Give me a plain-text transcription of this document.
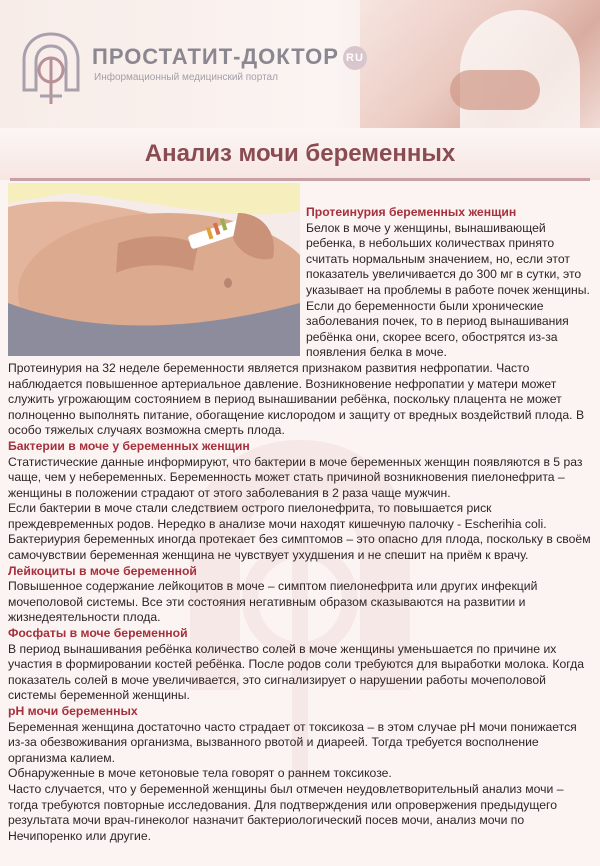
ПРОСТАТИТ-ДОКТОР RU
Информационный медицинский портал
Анализ мочи беременных

Протеинурия беременных женщин

Белок в моче у женщины, вынашивающей ребенка, в небольших количествах принято считать нормальным значением, но, если этот показатель увеличивается до 300 мг в сутки, это указывает на проблемы в работе почек женщины. Если до беременности были хронические заболевания почек, то в период вынашивания ребёнка они, скорее всего, обострятся из-за появления белка в моче.

Протеинурия на 32 неделе беременности является признаком развития нефропатии. Часто наблюдается повышенное артериальное давление. Возникновение нефропатии у матери может служить угрожающим состоянием в период вынашивании ребёнка, поскольку плацента не может полноценно выполнять питание, обогащение кислородом и защиту от вредных воздействий плода. В особо тяжелых случаях возможна смерть плода.

Бактерии в моче у беременных женщин

Статистические данные информируют, что бактерии в моче беременных женщин появляются в 5 раз чаще, чем у небеременных. Беременность может стать причиной возникновения пиелонефрита – женщины в положении страдают от этого заболевания в 2 раза чаще мужчин.

Если бактерии в моче стали следствием острого пиелонефрита, то повышается риск преждевременных родов. Нередко в анализе мочи находят кишечную палочку - Escherihia coli.

Бактериурия беременных иногда протекает без симптомов – это опасно для плода, поскольку в своём самочувствии беременная женщина не чувствует ухудшения и не спешит на приём к врачу.

Лейкоциты в моче беременной

Повышенное содержание лейкоцитов в моче – симптом пиелонефрита или других инфекций мочеполовой системы. Все эти состояния негативным образом сказываются на развитии и жизнедеятельности плода.

Фосфаты в моче беременной

В период вынашивания ребёнка количество солей в моче женщины уменьшается по причине их участия в формировании костей ребёнка. После родов соли требуются для выработки молока. Когда показатель солей в моче увеличивается, это сигнализирует о нарушении работы мочеполовой системы беременной женщины.

pH мочи беременных

Беременная женщина достаточно часто страдает от токсикоза – в этом случае pH мочи понижается из-за обезвоживания организма, вызванного рвотой и диареей. Тогда требуется восполнение организма калием.

Обнаруженные в моче кетоновые тела говорят о раннем токсикозе.

Часто случается, что у беременной женщины был отмечен неудовлетворительный анализ мочи – тогда требуются повторные исследования. Для подтверждения или опровержения предыдущего результата мочи врач-гинеколог назначит бактериологический посев мочи, анализ мочи по Нечипоренко или другие.
